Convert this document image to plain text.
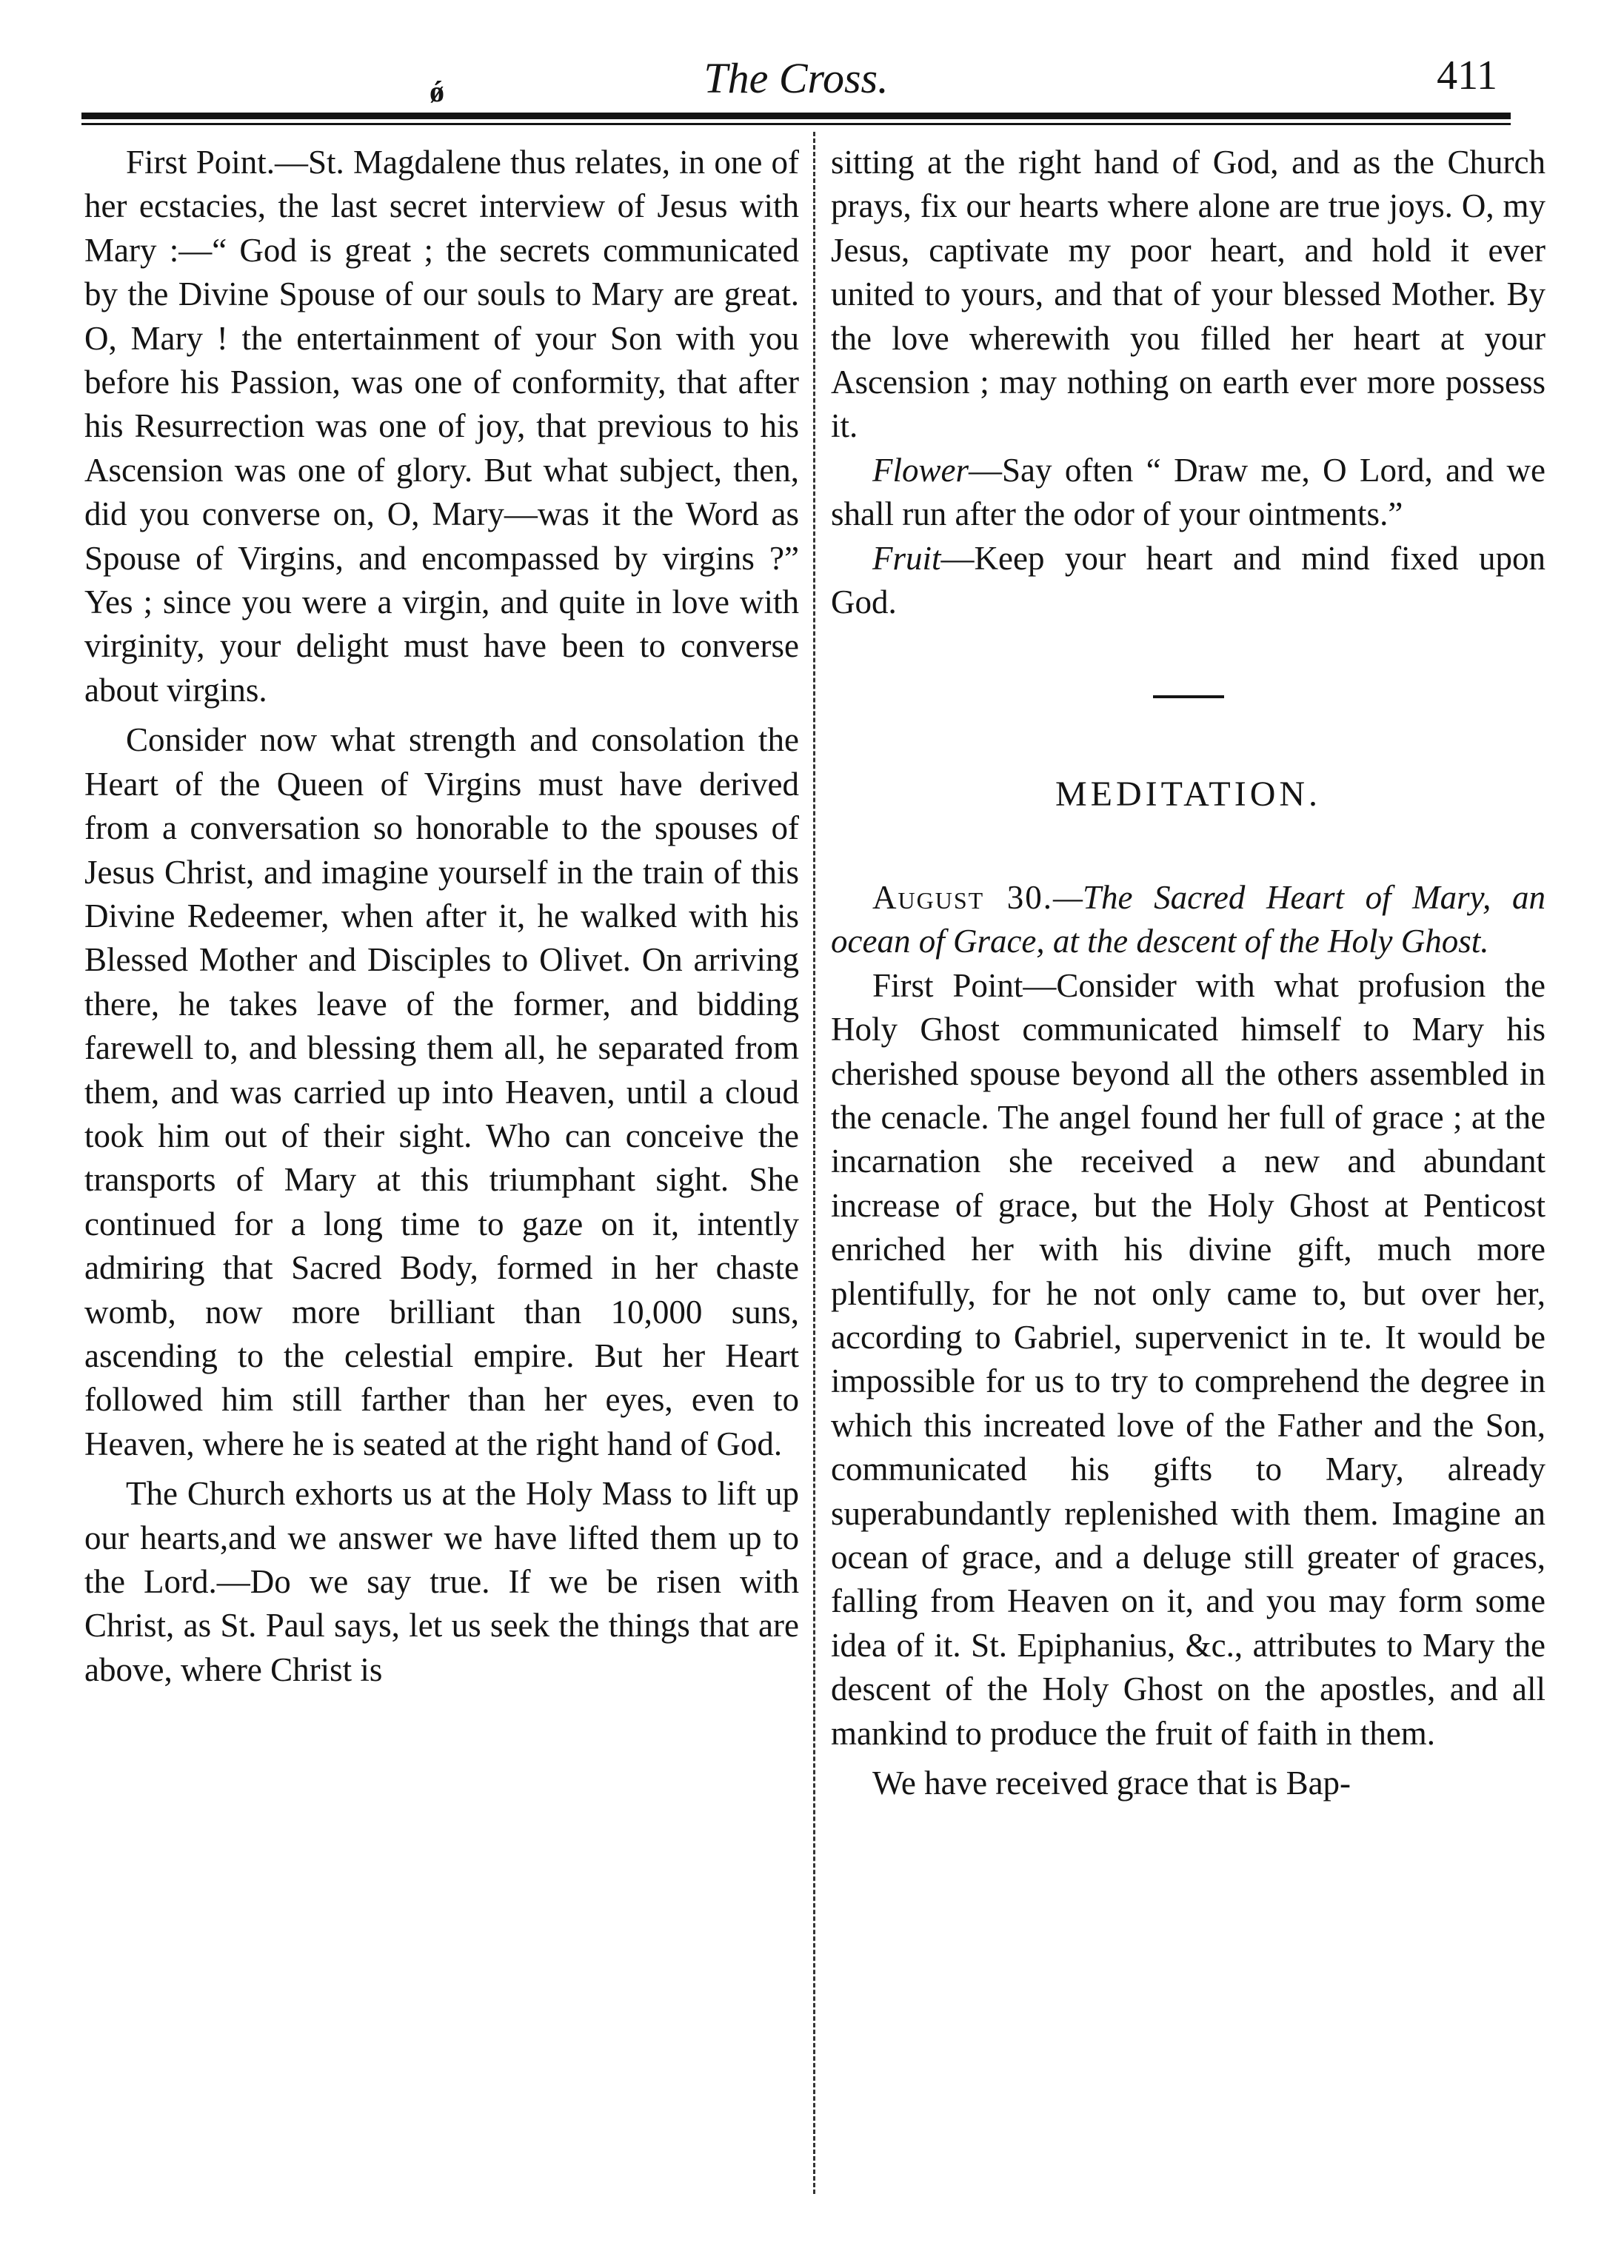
ǿ	The Cross.	411

First Point.—St. Magdalene thus relates, in one of her ecstacies, the last secret interview of Jesus with Mary :—“ God is great ; the secrets communicated by the Divine Spouse of our souls to Mary are great. O, Mary ! the entertainment of your Son with you before his Passion, was one of conformity, that after his Resurrection was one of joy, that previous to his Ascension was one of glory. But what subject, then, did you converse on, O, Mary—was it the Word as Spouse of Virgins, and encompassed by virgins ?” Yes ; since you were a virgin, and quite in love with virginity, your delight must have been to converse about virgins.

Consider now what strength and consolation the Heart of the Queen of Virgins must have derived from a conversation so honorable to the spouses of Jesus Christ, and imagine yourself in the train of this Divine Redeemer, when after it, he walked with his Blessed Mother and Disciples to Olivet. On arriving there, he takes leave of the former, and bidding farewell to, and blessing them all, he separated from them, and was carried up into Heaven, until a cloud took him out of their sight. Who can conceive the transports of Mary at this triumphant sight. She continued for a long time to gaze on it, intently admiring that Sacred Body, formed in her chaste womb, now more brilliant than 10,000 suns, ascending to the celestial empire. But her Heart followed him still farther than her eyes, even to Heaven, where he is seated at the right hand of God.

The Church exhorts us at the Holy Mass to lift up our hearts,and we answer we have lifted them up to the Lord.—Do we say true. If we be risen with Christ, as St. Paul says, let us seek the things that are above, where Christ is

sitting at the right hand of God, and as the Church prays, fix our hearts where alone are true joys. O, my Jesus, captivate my poor heart, and hold it ever united to yours, and that of your blessed Mother. By the love wherewith you filled her heart at your Ascension ; may nothing on earth ever more possess it.

Flower—Say often “ Draw me, O Lord, and we shall run after the odor of your ointments.”

Fruit—Keep your heart and mind fixed upon God.

MEDITATION.

August 30.—The Sacred Heart of Mary, an ocean of Grace, at the descent of the Holy Ghost.

First Point—Consider with what profusion the Holy Ghost communicated himself to Mary his cherished spouse beyond all the others assembled in the cenacle. The angel found her full of grace ; at the incarnation she received a new and abundant increase of grace, but the Holy Ghost at Penticost enriched her with his divine gift, much more plentifully, for he not only came to, but over her, according to Gabriel, supervenict in te. It would be impossible for us to try to comprehend the degree in which this increated love of the Father and the Son, communicated his gifts to Mary, already superabundantly replenished with them. Imagine an ocean of grace, and a deluge still greater of graces, falling from Heaven on it, and you may form some idea of it. St. Epiphanius, &c., attributes to Mary the descent of the Holy Ghost on the apostles, and all mankind to produce the fruit of faith in them.

We have received grace that is Bap-
